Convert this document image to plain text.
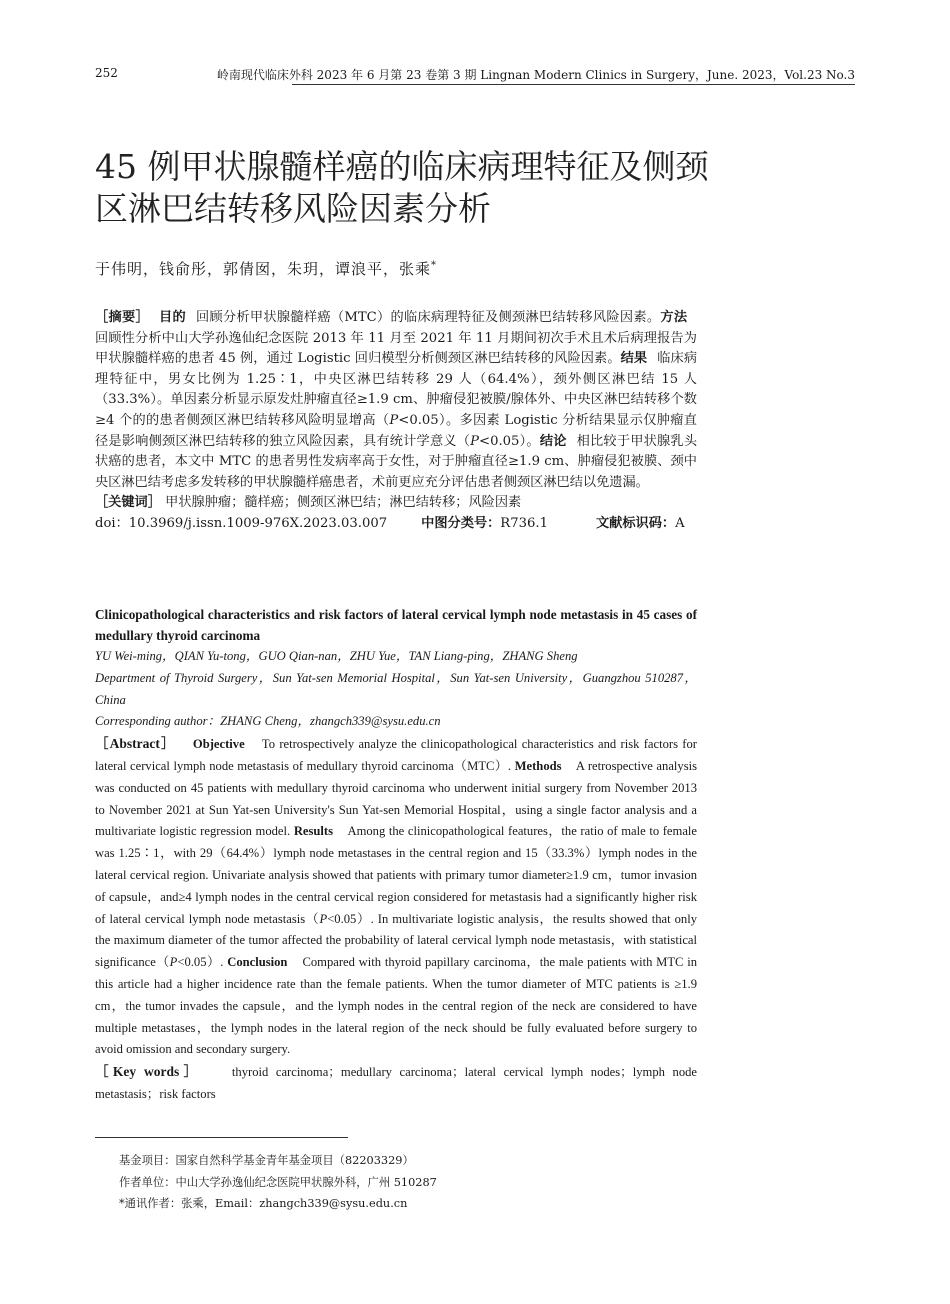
252	岭南现代临床外科 2023 年 6 月第 23 卷第 3 期 Lingnan Modern Clinics in Surgery，June. 2023，Vol.23 No.3
45 例甲状腺髓样癌的临床病理特征及侧颈
区淋巴结转移风险因素分析
于伟明，钱俞彤，郭倩囡，朱玥，谭浪平，张乘*

［摘要］ 目的 回顾分析甲状腺髓样癌（MTC）的临床病理特征及侧颈淋巴结转移风险因素。方法回顾性分析中山大学孙逸仙纪念医院 2013 年 11 月至 2021 年 11 月期间初次手术且术后病理报告为甲状腺髓样癌的患者 45 例，通过 Logistic 回归模型分析侧颈区淋巴结转移的风险因素。结果 临床病理特征中，男女比例为 1.25∶1，中央区淋巴结转移 29 人（64.4%），颈外侧区淋巴结 15 人（33.3%）。单因素分析显示原发灶肿瘤直径≥1.9 cm、肿瘤侵犯被膜/腺体外、中央区淋巴结转移个数≥4 个的的患者侧颈区淋巴结转移风险明显增高（P<0.05）。多因素 Logistic 分析结果显示仅肿瘤直径是影响侧颈区淋巴结转移的独立风险因素，具有统计学意义（P<0.05）。结论 相比较于甲状腺乳头状癌的患者，本文中 MTC 的患者男性发病率高于女性，对于肿瘤直径≥1.9 cm、肿瘤侵犯被膜、颈中央区淋巴结考虑多发转移的甲状腺髓样癌患者，术前更应充分评估患者侧颈区淋巴结以免遗漏。

［关键词］ 甲状腺肿瘤；髓样癌；侧颈区淋巴结；淋巴结转移；风险因素

doi：10.3969/j.issn.1009-976X.2023.03.007	中图分类号：R736.1	文献标识码：A

Clinicopathological characteristics and risk factors of lateral cervical lymph node metastasis in 45 cases of medullary thyroid carcinoma

YU Wei-ming，QIAN Yu-tong，GUO Qian-nan，ZHU Yue，TAN Liang-ping，ZHANG Sheng

Department of Thyroid Surgery，Sun Yat-sen Memorial Hospital，Sun Yat-sen University，Guangzhou 510287，China

Corresponding author：ZHANG Cheng，zhangch339@sysu.edu.cn

［Abstract］ Objective To retrospectively analyze the clinicopathological characteristics and risk factors for lateral cervical lymph node metastasis of medullary thyroid carcinoma（MTC）. Methods A retrospective analysis was conducted on 45 patients with medullary thyroid carcinoma who underwent initial surgery from November 2013 to November 2021 at Sun Yat-sen University's Sun Yat-sen Memorial Hospital，using a single factor analysis and a multivariate logistic regression model. Results Among the clinicopathological features，the ratio of male to female was 1.25∶1，with 29（64.4%）lymph node metastases in the central region and 15（33.3%）lymph nodes in the lateral cervical region. Univariate analysis showed that patients with primary tumor diameter≥1.9 cm，tumor invasion of capsule，and≥4 lymph nodes in the central cervical region considered for metastasis had a significantly higher risk of lateral cervical lymph node metastasis（P<0.05）. In multivariate logistic analysis，the results showed that only the maximum diameter of the tumor affected the probability of lateral cervical lymph node metastasis，with statistical significance（P<0.05）. Conclusion Compared with thyroid papillary carcinoma，the male patients with MTC in this article had a higher incidence rate than the female patients. When the tumor diameter of MTC patients is ≥1.9 cm，the tumor invades the capsule，and the lymph nodes in the central region of the neck are considered to have multiple metastases，the lymph nodes in the lateral region of the neck should be fully evaluated before surgery to avoid omission and secondary surgery.

［Key words］ thyroid carcinoma；medullary carcinoma；lateral cervical lymph nodes；lymph node metastasis；risk factors

基金项目：国家自然科学基金青年基金项目（82203329）

作者单位：中山大学孙逸仙纪念医院甲状腺外科，广州 510287

*通讯作者：张乘，Email：zhangch339@sysu.edu.cn
